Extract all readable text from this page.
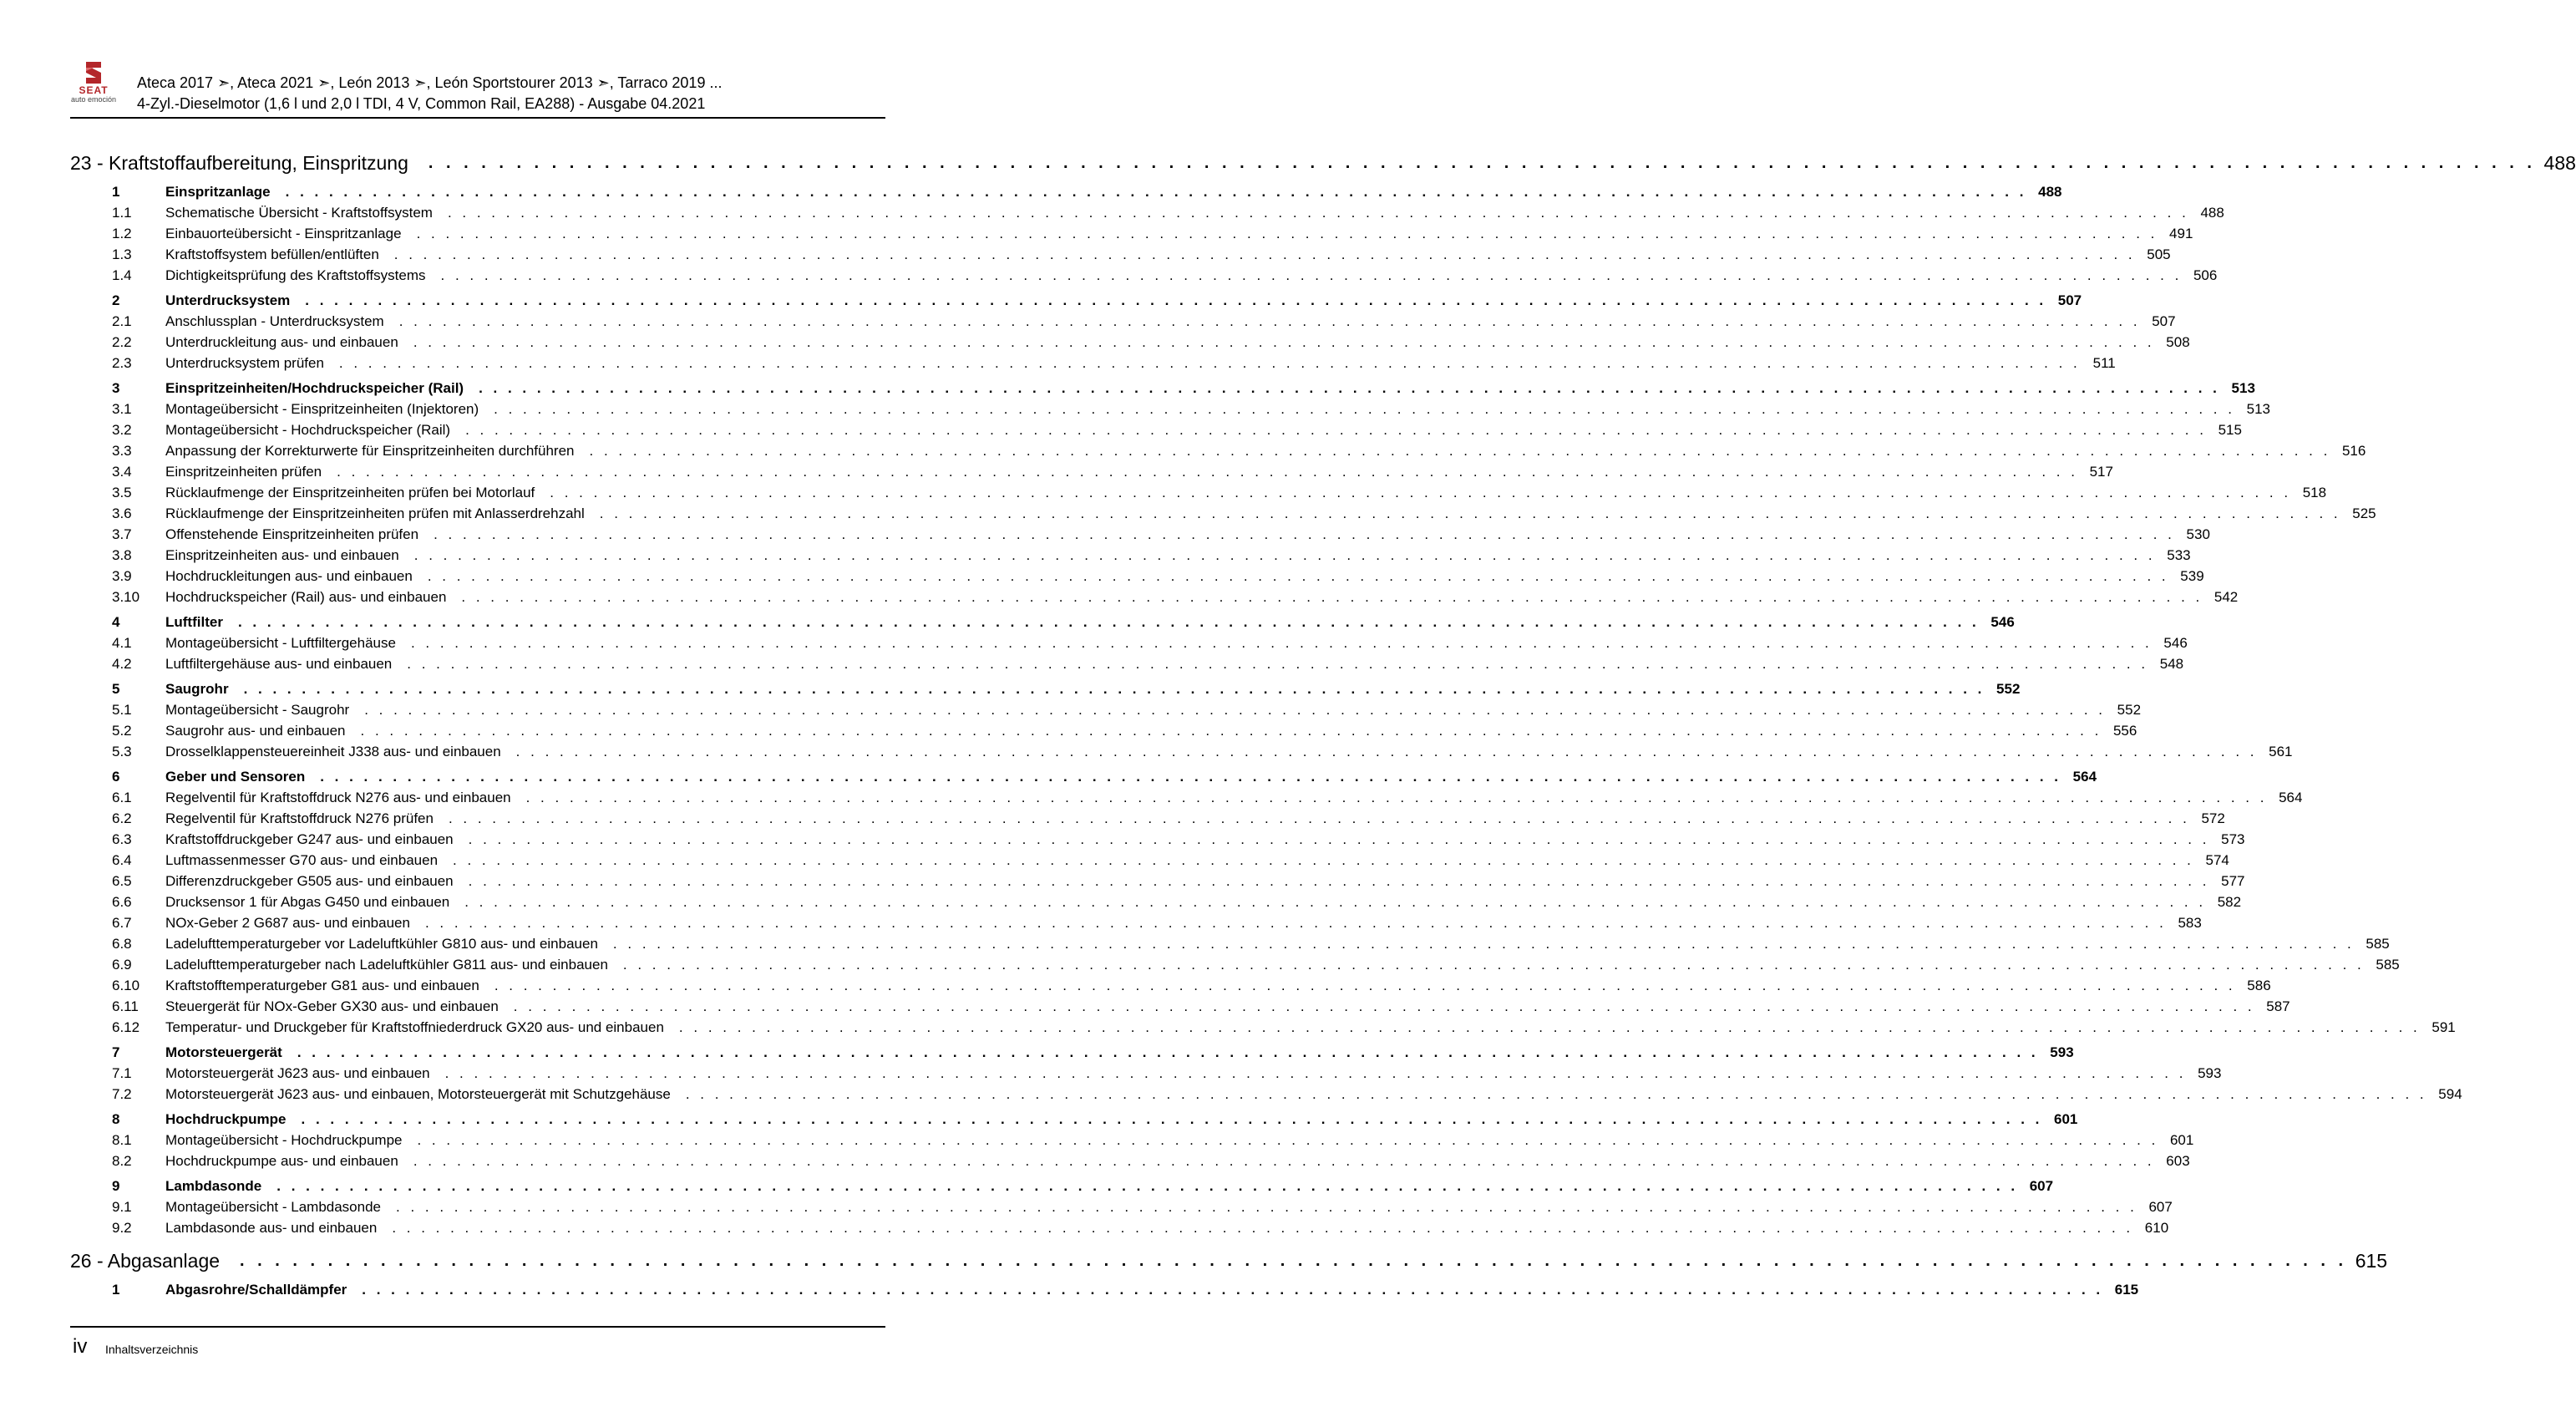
SEAT
auto emoción
Ateca 2017 ➣, Ateca 2021 ➣, León 2013 ➣, León Sportstourer 2013 ➣, Tarraco 2019 ...
4-Zyl.-Dieselmotor (1,6 l und 2,0 l TDI, 4 V, Common Rail, EA288) - Ausgabe 04.2021
23 - Kraftstoffaufbereitung, Einspritzung . . . . . . . . . . . . . . . . . . . . . . . . . . . . . . . . . . . . . . . . . . . . . . . . . . . . . . . . . . . . . . . . . . . . . . . . . . . . . . . . . . . . . . . . . . . . . . . . . . . . . . . . . . . . . . . . . . . . . . . . 488
1	Einspritzanlage . . . . . . . . . . . . . . . . . . . . . . . . . . . . . . . . . . . . . . . . . . . . . . . . . . . . . . . . . . . . . . . . . . . . . . . . . . . . . . . . . . . . . . . . . . . . . . . . . . . . . . . . . . . . . . . . . . . . . . . . 488
1.1	Schematische Übersicht - Kraftstoffsystem . . . . . . . . . . . . . . . . . . . . . . . . . . . . . . . . . . . . . . . . . . . . . . . . . . . . . . . . . . . . . . . . . . . . . . . . . . . . . . . . . . . . . . . . . . . . . . . . . . . . . . . . . . . . . . . . . . . . . . . . 488
1.2	Einbauorteübersicht - Einspritzanlage . . . . . . . . . . . . . . . . . . . . . . . . . . . . . . . . . . . . . . . . . . . . . . . . . . . . . . . . . . . . . . . . . . . . . . . . . . . . . . . . . . . . . . . . . . . . . . . . . . . . . . . . . . . . . . . . . . . . . . . . 491
1.3	Kraftstoffsystem befüllen/entlüften . . . . . . . . . . . . . . . . . . . . . . . . . . . . . . . . . . . . . . . . . . . . . . . . . . . . . . . . . . . . . . . . . . . . . . . . . . . . . . . . . . . . . . . . . . . . . . . . . . . . . . . . . . . . . . . . . . . . . . . . 505
1.4	Dichtigkeitsprüfung des Kraftstoffsystems . . . . . . . . . . . . . . . . . . . . . . . . . . . . . . . . . . . . . . . . . . . . . . . . . . . . . . . . . . . . . . . . . . . . . . . . . . . . . . . . . . . . . . . . . . . . . . . . . . . . . . . . . . . . . . . . . . . . . . . . 506
2	Unterdrucksystem . . . . . . . . . . . . . . . . . . . . . . . . . . . . . . . . . . . . . . . . . . . . . . . . . . . . . . . . . . . . . . . . . . . . . . . . . . . . . . . . . . . . . . . . . . . . . . . . . . . . . . . . . . . . . . . . . . . . . . . . 507
2.1	Anschlussplan - Unterdrucksystem . . . . . . . . . . . . . . . . . . . . . . . . . . . . . . . . . . . . . . . . . . . . . . . . . . . . . . . . . . . . . . . . . . . . . . . . . . . . . . . . . . . . . . . . . . . . . . . . . . . . . . . . . . . . . . . . . . . . . . . . 507
2.2	Unterdruckleitung aus- und einbauen . . . . . . . . . . . . . . . . . . . . . . . . . . . . . . . . . . . . . . . . . . . . . . . . . . . . . . . . . . . . . . . . . . . . . . . . . . . . . . . . . . . . . . . . . . . . . . . . . . . . . . . . . . . . . . . . . . . . . . . . 508
2.3	Unterdrucksystem prüfen . . . . . . . . . . . . . . . . . . . . . . . . . . . . . . . . . . . . . . . . . . . . . . . . . . . . . . . . . . . . . . . . . . . . . . . . . . . . . . . . . . . . . . . . . . . . . . . . . . . . . . . . . . . . . . . . . . . . . . . . 511
3	Einspritzeinheiten/Hochdruckspeicher (Rail) . . . . . . . . . . . . . . . . . . . . . . . . . . . . . . . . . . . . . . . . . . . . . . . . . . . . . . . . . . . . . . . . . . . . . . . . . . . . . . . . . . . . . . . . . . . . . . . . . . . . . . . . . . . . . . . . . . . . . . . . 513
3.1	Montageübersicht - Einspritzeinheiten (Injektoren) . . . . . . . . . . . . . . . . . . . . . . . . . . . . . . . . . . . . . . . . . . . . . . . . . . . . . . . . . . . . . . . . . . . . . . . . . . . . . . . . . . . . . . . . . . . . . . . . . . . . . . . . . . . . . . . . . . . . . . . . 513
3.2	Montageübersicht - Hochdruckspeicher (Rail) . . . . . . . . . . . . . . . . . . . . . . . . . . . . . . . . . . . . . . . . . . . . . . . . . . . . . . . . . . . . . . . . . . . . . . . . . . . . . . . . . . . . . . . . . . . . . . . . . . . . . . . . . . . . . . . . . . . . . . . . 515
3.3	Anpassung der Korrekturwerte für Einspritzeinheiten durchführen . . . . . . . . . . . . . . . . . . . . . . . . . . . . . . . . . . . . . . . . . . . . . . . . . . . . . . . . . . . . . . . . . . . . . . . . . . . . . . . . . . . . . . . . . . . . . . . . . . . . . . . . . . . . . . . . . . . . . . . . 516
3.4	Einspritzeinheiten prüfen . . . . . . . . . . . . . . . . . . . . . . . . . . . . . . . . . . . . . . . . . . . . . . . . . . . . . . . . . . . . . . . . . . . . . . . . . . . . . . . . . . . . . . . . . . . . . . . . . . . . . . . . . . . . . . . . . . . . . . . . 517
3.5	Rücklaufmenge der Einspritzeinheiten prüfen bei Motorlauf . . . . . . . . . . . . . . . . . . . . . . . . . . . . . . . . . . . . . . . . . . . . . . . . . . . . . . . . . . . . . . . . . . . . . . . . . . . . . . . . . . . . . . . . . . . . . . . . . . . . . . . . . . . . . . . . . . . . . . . . 518
3.6	Rücklaufmenge der Einspritzeinheiten prüfen mit Anlasserdrehzahl . . . . . . . . . . . . . . . . . . . . . . . . . . . . . . . . . . . . . . . . . . . . . . . . . . . . . . . . . . . . . . . . . . . . . . . . . . . . . . . . . . . . . . . . . . . . . . . . . . . . . . . . . . . . . . . . . . . . . . . . 525
3.7	Offenstehende Einspritzeinheiten prüfen . . . . . . . . . . . . . . . . . . . . . . . . . . . . . . . . . . . . . . . . . . . . . . . . . . . . . . . . . . . . . . . . . . . . . . . . . . . . . . . . . . . . . . . . . . . . . . . . . . . . . . . . . . . . . . . . . . . . . . . . 530
3.8	Einspritzeinheiten aus- und einbauen . . . . . . . . . . . . . . . . . . . . . . . . . . . . . . . . . . . . . . . . . . . . . . . . . . . . . . . . . . . . . . . . . . . . . . . . . . . . . . . . . . . . . . . . . . . . . . . . . . . . . . . . . . . . . . . . . . . . . . . . 533
3.9	Hochdruckleitungen aus- und einbauen . . . . . . . . . . . . . . . . . . . . . . . . . . . . . . . . . . . . . . . . . . . . . . . . . . . . . . . . . . . . . . . . . . . . . . . . . . . . . . . . . . . . . . . . . . . . . . . . . . . . . . . . . . . . . . . . . . . . . . . . 539
3.10	Hochdruckspeicher (Rail) aus- und einbauen . . . . . . . . . . . . . . . . . . . . . . . . . . . . . . . . . . . . . . . . . . . . . . . . . . . . . . . . . . . . . . . . . . . . . . . . . . . . . . . . . . . . . . . . . . . . . . . . . . . . . . . . . . . . . . . . . . . . . . . . 542
4	Luftfilter . . . . . . . . . . . . . . . . . . . . . . . . . . . . . . . . . . . . . . . . . . . . . . . . . . . . . . . . . . . . . . . . . . . . . . . . . . . . . . . . . . . . . . . . . . . . . . . . . . . . . . . . . . . . . . . . . . . . . . . . 546
4.1	Montageübersicht - Luftfiltergehäuse . . . . . . . . . . . . . . . . . . . . . . . . . . . . . . . . . . . . . . . . . . . . . . . . . . . . . . . . . . . . . . . . . . . . . . . . . . . . . . . . . . . . . . . . . . . . . . . . . . . . . . . . . . . . . . . . . . . . . . . . 546
4.2	Luftfiltergehäuse aus- und einbauen . . . . . . . . . . . . . . . . . . . . . . . . . . . . . . . . . . . . . . . . . . . . . . . . . . . . . . . . . . . . . . . . . . . . . . . . . . . . . . . . . . . . . . . . . . . . . . . . . . . . . . . . . . . . . . . . . . . . . . . . 548
5	Saugrohr . . . . . . . . . . . . . . . . . . . . . . . . . . . . . . . . . . . . . . . . . . . . . . . . . . . . . . . . . . . . . . . . . . . . . . . . . . . . . . . . . . . . . . . . . . . . . . . . . . . . . . . . . . . . . . . . . . . . . . . . 552
5.1	Montageübersicht - Saugrohr . . . . . . . . . . . . . . . . . . . . . . . . . . . . . . . . . . . . . . . . . . . . . . . . . . . . . . . . . . . . . . . . . . . . . . . . . . . . . . . . . . . . . . . . . . . . . . . . . . . . . . . . . . . . . . . . . . . . . . . . 552
5.2	Saugrohr aus- und einbauen . . . . . . . . . . . . . . . . . . . . . . . . . . . . . . . . . . . . . . . . . . . . . . . . . . . . . . . . . . . . . . . . . . . . . . . . . . . . . . . . . . . . . . . . . . . . . . . . . . . . . . . . . . . . . . . . . . . . . . . . 556
5.3	Drosselklappensteuereinheit J338 aus- und einbauen . . . . . . . . . . . . . . . . . . . . . . . . . . . . . . . . . . . . . . . . . . . . . . . . . . . . . . . . . . . . . . . . . . . . . . . . . . . . . . . . . . . . . . . . . . . . . . . . . . . . . . . . . . . . . . . . . . . . . . . . 561
6	Geber und Sensoren . . . . . . . . . . . . . . . . . . . . . . . . . . . . . . . . . . . . . . . . . . . . . . . . . . . . . . . . . . . . . . . . . . . . . . . . . . . . . . . . . . . . . . . . . . . . . . . . . . . . . . . . . . . . . . . . . . . . . . . . 564
6.1	Regelventil für Kraftstoffdruck N276 aus- und einbauen . . . . . . . . . . . . . . . . . . . . . . . . . . . . . . . . . . . . . . . . . . . . . . . . . . . . . . . . . . . . . . . . . . . . . . . . . . . . . . . . . . . . . . . . . . . . . . . . . . . . . . . . . . . . . . . . . . . . . . . . 564
6.2	Regelventil für Kraftstoffdruck N276 prüfen . . . . . . . . . . . . . . . . . . . . . . . . . . . . . . . . . . . . . . . . . . . . . . . . . . . . . . . . . . . . . . . . . . . . . . . . . . . . . . . . . . . . . . . . . . . . . . . . . . . . . . . . . . . . . . . . . . . . . . . . 572
6.3	Kraftstoffdruckgeber G247 aus- und einbauen . . . . . . . . . . . . . . . . . . . . . . . . . . . . . . . . . . . . . . . . . . . . . . . . . . . . . . . . . . . . . . . . . . . . . . . . . . . . . . . . . . . . . . . . . . . . . . . . . . . . . . . . . . . . . . . . . . . . . . . . 573
6.4	Luftmassenmesser G70 aus- und einbauen . . . . . . . . . . . . . . . . . . . . . . . . . . . . . . . . . . . . . . . . . . . . . . . . . . . . . . . . . . . . . . . . . . . . . . . . . . . . . . . . . . . . . . . . . . . . . . . . . . . . . . . . . . . . . . . . . . . . . . . . 574
6.5	Differenzdruckgeber G505 aus- und einbauen . . . . . . . . . . . . . . . . . . . . . . . . . . . . . . . . . . . . . . . . . . . . . . . . . . . . . . . . . . . . . . . . . . . . . . . . . . . . . . . . . . . . . . . . . . . . . . . . . . . . . . . . . . . . . . . . . . . . . . . . 577
6.6	Drucksensor 1 für Abgas G450 und einbauen . . . . . . . . . . . . . . . . . . . . . . . . . . . . . . . . . . . . . . . . . . . . . . . . . . . . . . . . . . . . . . . . . . . . . . . . . . . . . . . . . . . . . . . . . . . . . . . . . . . . . . . . . . . . . . . . . . . . . . . . 582
6.7	NOx-Geber 2 G687 aus- und einbauen . . . . . . . . . . . . . . . . . . . . . . . . . . . . . . . . . . . . . . . . . . . . . . . . . . . . . . . . . . . . . . . . . . . . . . . . . . . . . . . . . . . . . . . . . . . . . . . . . . . . . . . . . . . . . . . . . . . . . . . . 583
6.8	Ladelufttemperaturgeber vor Ladeluftkühler G810 aus- und einbauen . . . . . . . . . . . . . . . . . . . . . . . . . . . . . . . . . . . . . . . . . . . . . . . . . . . . . . . . . . . . . . . . . . . . . . . . . . . . . . . . . . . . . . . . . . . . . . . . . . . . . . . . . . . . . . . . . . . . . . . . 585
6.9	Ladelufttemperaturgeber nach Ladeluftkühler G811 aus- und einbauen . . . . . . . . . . . . . . . . . . . . . . . . . . . . . . . . . . . . . . . . . . . . . . . . . . . . . . . . . . . . . . . . . . . . . . . . . . . . . . . . . . . . . . . . . . . . . . . . . . . . . . . . . . . . . . . . . . . . . . . . 585
6.10	Kraftstofftemperaturgeber G81 aus- und einbauen . . . . . . . . . . . . . . . . . . . . . . . . . . . . . . . . . . . . . . . . . . . . . . . . . . . . . . . . . . . . . . . . . . . . . . . . . . . . . . . . . . . . . . . . . . . . . . . . . . . . . . . . . . . . . . . . . . . . . . . . 586
6.11	Steuergerät für NOx-Geber GX30 aus- und einbauen . . . . . . . . . . . . . . . . . . . . . . . . . . . . . . . . . . . . . . . . . . . . . . . . . . . . . . . . . . . . . . . . . . . . . . . . . . . . . . . . . . . . . . . . . . . . . . . . . . . . . . . . . . . . . . . . . . . . . . . . 587
6.12	Temperatur- und Druckgeber für Kraftstoffniederdruck GX20 aus- und einbauen . . . . . . . . . . . . . . . . . . . . . . . . . . . . . . . . . . . . . . . . . . . . . . . . . . . . . . . . . . . . . . . . . . . . . . . . . . . . . . . . . . . . . . . . . . . . . . . . . . . . . . . . . . . . . . . . . . . . . . . . 591
7	Motorsteuergerät . . . . . . . . . . . . . . . . . . . . . . . . . . . . . . . . . . . . . . . . . . . . . . . . . . . . . . . . . . . . . . . . . . . . . . . . . . . . . . . . . . . . . . . . . . . . . . . . . . . . . . . . . . . . . . . . . . . . . . . . 593
7.1	Motorsteuergerät J623 aus- und einbauen . . . . . . . . . . . . . . . . . . . . . . . . . . . . . . . . . . . . . . . . . . . . . . . . . . . . . . . . . . . . . . . . . . . . . . . . . . . . . . . . . . . . . . . . . . . . . . . . . . . . . . . . . . . . . . . . . . . . . . . . 593
7.2	Motorsteuergerät J623 aus- und einbauen, Motorsteuergerät mit Schutzgehäuse . . . . . . . . . . . . . . . . . . . . . . . . . . . . . . . . . . . . . . . . . . . . . . . . . . . . . . . . . . . . . . . . . . . . . . . . . . . . . . . . . . . . . . . . . . . . . . . . . . . . . . . . . . . . . . . . . . . . . . . . 594
8	Hochdruckpumpe . . . . . . . . . . . . . . . . . . . . . . . . . . . . . . . . . . . . . . . . . . . . . . . . . . . . . . . . . . . . . . . . . . . . . . . . . . . . . . . . . . . . . . . . . . . . . . . . . . . . . . . . . . . . . . . . . . . . . . . . 601
8.1	Montageübersicht - Hochdruckpumpe . . . . . . . . . . . . . . . . . . . . . . . . . . . . . . . . . . . . . . . . . . . . . . . . . . . . . . . . . . . . . . . . . . . . . . . . . . . . . . . . . . . . . . . . . . . . . . . . . . . . . . . . . . . . . . . . . . . . . . . . 601
8.2	Hochdruckpumpe aus- und einbauen . . . . . . . . . . . . . . . . . . . . . . . . . . . . . . . . . . . . . . . . . . . . . . . . . . . . . . . . . . . . . . . . . . . . . . . . . . . . . . . . . . . . . . . . . . . . . . . . . . . . . . . . . . . . . . . . . . . . . . . . 603
9	Lambdasonde . . . . . . . . . . . . . . . . . . . . . . . . . . . . . . . . . . . . . . . . . . . . . . . . . . . . . . . . . . . . . . . . . . . . . . . . . . . . . . . . . . . . . . . . . . . . . . . . . . . . . . . . . . . . . . . . . . . . . . . . 607
9.1	Montageübersicht - Lambdasonde . . . . . . . . . . . . . . . . . . . . . . . . . . . . . . . . . . . . . . . . . . . . . . . . . . . . . . . . . . . . . . . . . . . . . . . . . . . . . . . . . . . . . . . . . . . . . . . . . . . . . . . . . . . . . . . . . . . . . . . . 607
9.2	Lambdasonde aus- und einbauen . . . . . . . . . . . . . . . . . . . . . . . . . . . . . . . . . . . . . . . . . . . . . . . . . . . . . . . . . . . . . . . . . . . . . . . . . . . . . . . . . . . . . . . . . . . . . . . . . . . . . . . . . . . . . . . . . . . . . . . . 610
26 - Abgasanlage . . . . . . . . . . . . . . . . . . . . . . . . . . . . . . . . . . . . . . . . . . . . . . . . . . . . . . . . . . . . . . . . . . . . . . . . . . . . . . . . . . . . . . . . . . . . . . . . . . . . . . . . . . . . . . . . . . . . . . . . 615
1	Abgasrohre/Schalldämpfer . . . . . . . . . . . . . . . . . . . . . . . . . . . . . . . . . . . . . . . . . . . . . . . . . . . . . . . . . . . . . . . . . . . . . . . . . . . . . . . . . . . . . . . . . . . . . . . . . . . . . . . . . . . . . . . . . . . . . . . . 615
iv Inhaltsverzeichnis
